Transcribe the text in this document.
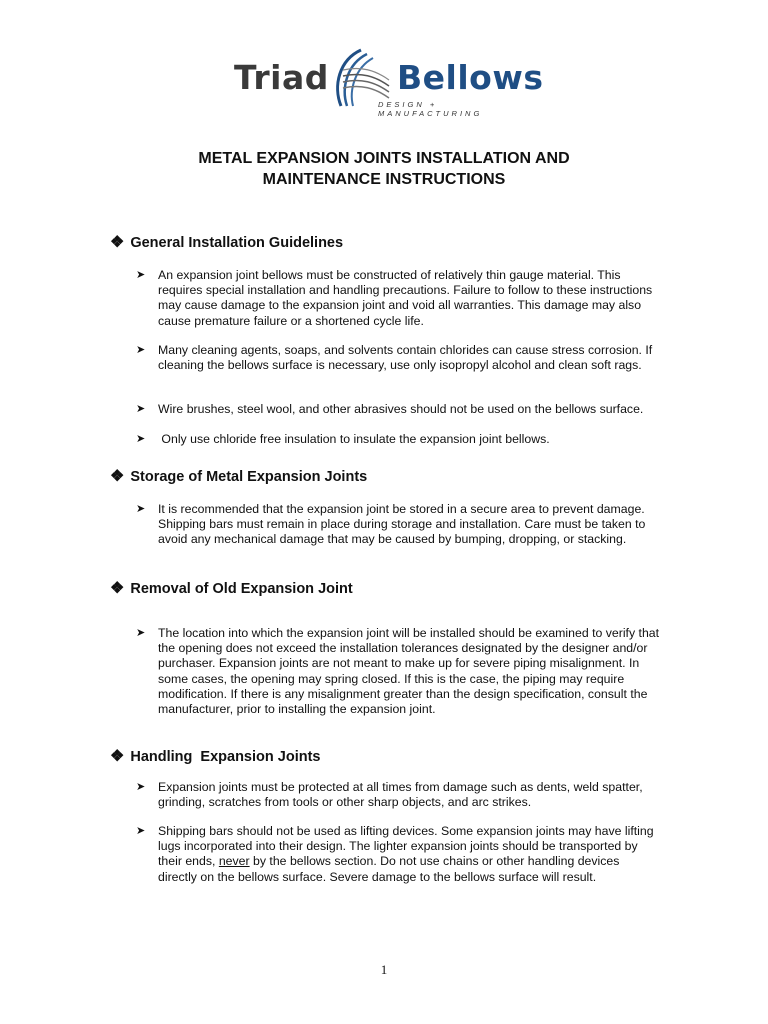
Triad Bellows
DESIGN + MANUFACTURING
METAL EXPANSION JOINTS INSTALLATION AND
MAINTENANCE INSTRUCTIONS
❖ General Installation Guidelines
➤ An expansion joint bellows must be constructed of relatively thin gauge material. This requires special installation and handling precautions. Failure to follow to these instructions may cause damage to the expansion joint and void all warranties. This damage may also cause premature failure or a shortened cycle life.
➤ Many cleaning agents, soaps, and solvents contain chlorides can cause stress corrosion. If cleaning the bellows surface is necessary, use only isopropyl alcohol and clean soft rags.
➤ Wire brushes, steel wool, and other abrasives should not be used on the bellows surface.
➤ Only use chloride free insulation to insulate the expansion joint bellows.
❖ Storage of Metal Expansion Joints
➤ It is recommended that the expansion joint be stored in a secure area to prevent damage. Shipping bars must remain in place during storage and installation. Care must be taken to avoid any mechanical damage that may be caused by bumping, dropping, or stacking.
❖ Removal of Old Expansion Joint
➤ The location into which the expansion joint will be installed should be examined to verify that the opening does not exceed the installation tolerances designated by the designer and/or purchaser. Expansion joints are not meant to make up for severe piping misalignment. In some cases, the opening may spring closed. If this is the case, the piping may require modification. If there is any misalignment greater than the design specification, consult the manufacturer, prior to installing the expansion joint.
❖ Handling  Expansion Joints
➤ Expansion joints must be protected at all times from damage such as dents, weld spatter, grinding, scratches from tools or other sharp objects, and arc strikes.
➤ Shipping bars should not be used as lifting devices. Some expansion joints may have lifting lugs incorporated into their design. The lighter expansion joints should be transported by their ends, never by the bellows section. Do not use chains or other handling devices directly on the bellows surface. Severe damage to the bellows surface will result.
1
